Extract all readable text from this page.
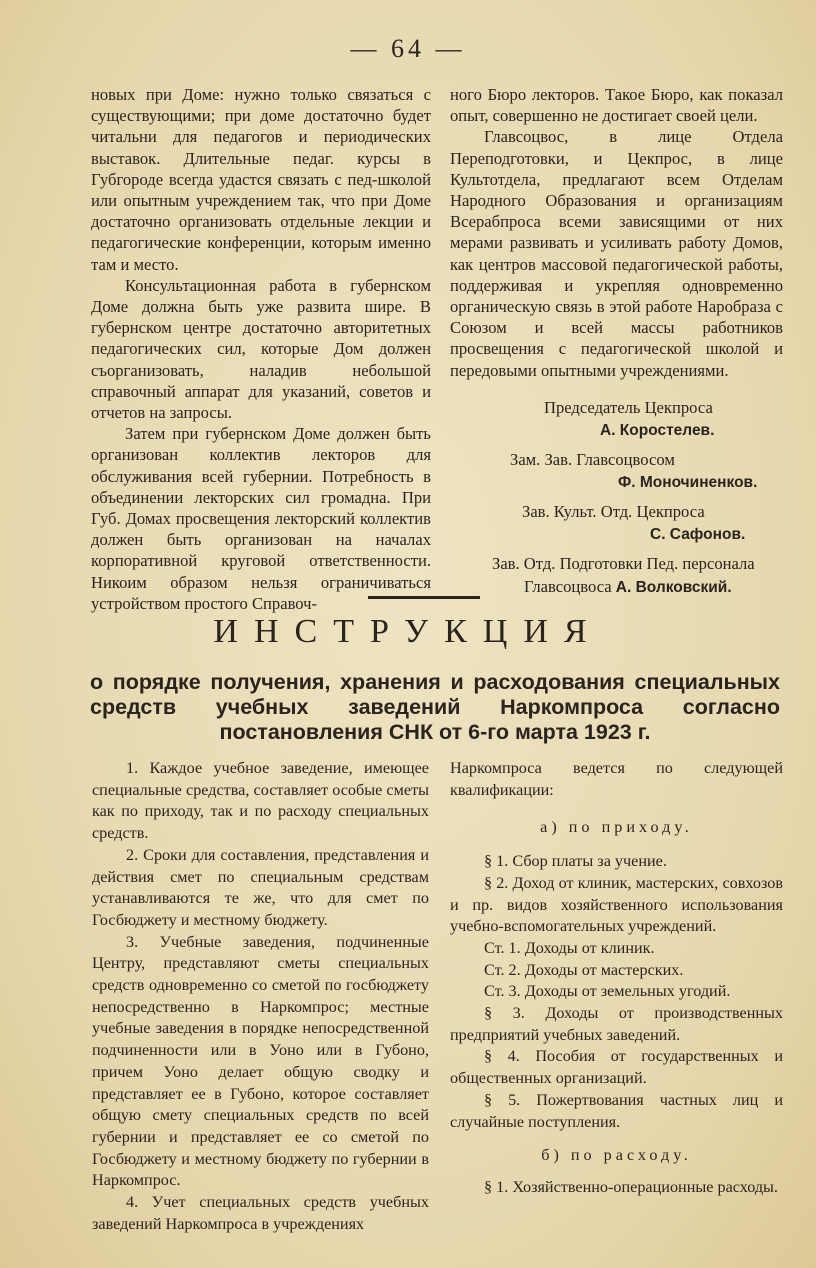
— 64 —

новых при Доме: нужно только связаться с существующими; при доме достаточно будет читальни для педагогов и периодических выставок. Длительные педаг. курсы в Губгороде всегда удастся связать с пед-школой или опытным учреждением так, что при Доме достаточно организовать отдельные лекции и педагогические конференции, которым именно там и место.

Консультационная работа в губернском Доме должна быть уже развита шире. В губернском центре достаточно авторитетных педагогических сил, которые Дом должен съорганизовать, наладив небольшой справочный аппарат для указаний, советов и отчетов на запросы.

Затем при губернском Доме должен быть организован коллектив лекторов для обслуживания всей губернии. Потребность в объединении лекторских сил громадна. При Губ. Домах просвещения лекторский коллектив должен быть организован на началах корпоративной круговой ответственности. Никоим образом нельзя ограничиваться устройством простого Справоч-

ного Бюро лекторов. Такое Бюро, как показал опыт, совершенно не достигает своей цели.

Главсоцвос, в лице Отдела Переподготовки, и Цекпрос, в лице Культотдела, предлагают всем Отделам Народного Образования и организациям Всерабпроса всеми зависящими от них мерами развивать и усиливать работу Домов, как центров массовой педагогической работы, поддерживая и укрепляя одновременно органическую связь в этой работе Наробраза с Союзом и всей массы работников просвещения с педагогической школой и передовыми опытными учреждениями.

Председатель Цекпроса
А. Коростелев.
Зам. Зав. Главсоцвосом
Ф. Моночиненков.
Зав. Культ. Отд. Цекпроса
С. Сафонов.
Зав. Отд. Подготовки Пед. персонала
Главсоцвоса А. Волковский.
ИНСТРУКЦИЯ
о порядке получения, хранения и расходования специальных средств учебных заведений Наркомпроса согласно постановления СНК от 6-го марта 1923 г.

1. Каждое учебное заведение, имеющее специальные средства, составляет особые сметы как по приходу, так и по расходу специальных средств.

2. Сроки для составления, представления и действия смет по специальным средствам устанавливаются те же, что для смет по Госбюджету и местному бюджету.

3. Учебные заведения, подчиненные Центру, представляют сметы специальных средств одновременно со сметой по госбюджету непосредственно в Наркомпрос; местные учебные заведения в порядке непосредственной подчиненности или в Уоно или в Губоно, причем Уоно делает общую сводку и представляет ее в Губоно, которое составляет общую смету специальных средств по всей губернии и представляет ее со сметой по Госбюджету и местному бюджету по губернии в Наркомпрос.

4. Учет специальных средств учебных заведений Наркомпроса в учреждениях

Наркомпроса ведется по следующей квалификации:

а) по приходу.

§ 1. Сбор платы за учение.

§ 2. Доход от клиник, мастерских, совхозов и пр. видов хозяйственного использования учебно-вспомогательных учреждений.

Ст. 1. Доходы от клиник.

Ст. 2. Доходы от мастерских.

Ст. 3. Доходы от земельных угодий.

§ 3. Доходы от производственных предприятий учебных заведений.

§ 4. Пособия от государственных и общественных организаций.

§ 5. Пожертвования частных лиц и случайные поступления.

б) по расходу.

§ 1. Хозяйственно-операционные расходы.
